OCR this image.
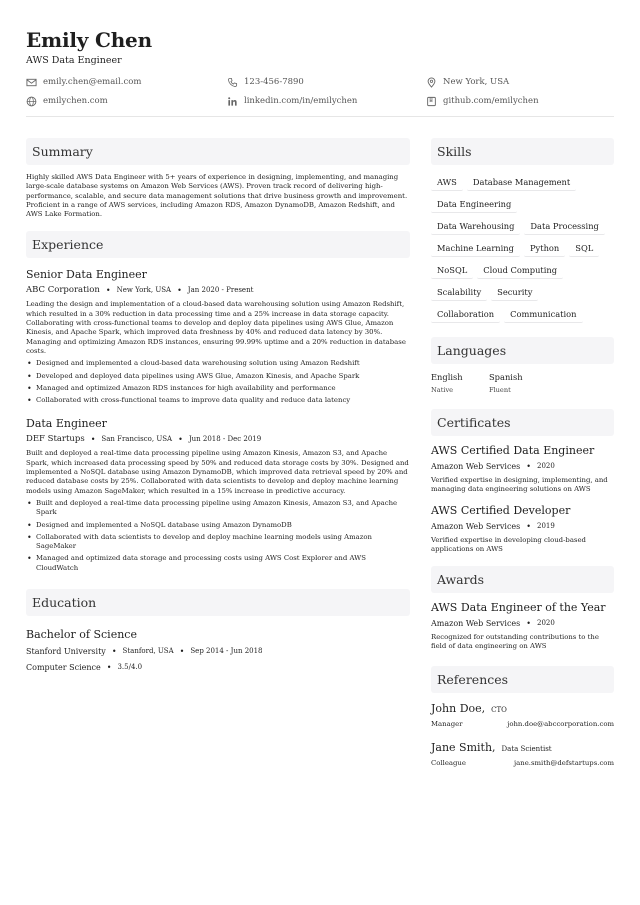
Emily Chen
AWS Data Engineer
emily.chen@email.com	123-456-7890	New York, USA
emilychen.com	linkedin.com/in/emilychen	github.com/emilychen
Summary
Highly skilled AWS Data Engineer with 5+ years of experience in designing, implementing, and managing large-scale database systems on Amazon Web Services (AWS). Proven track record of delivering high-performance, scalable, and secure data management solutions that drive business growth and improvement. Proficient in a range of AWS services, including Amazon RDS, Amazon DynamoDB, Amazon Redshift, and AWS Lake Formation.
Experience
Senior Data Engineer
ABC Corporation • New York, USA • Jan 2020 - Present
Leading the design and implementation of a cloud-based data warehousing solution using Amazon Redshift, which resulted in a 30% reduction in data processing time and a 25% increase in data storage capacity. Collaborating with cross-functional teams to develop and deploy data pipelines using AWS Glue, Amazon Kinesis, and Apache Spark, which improved data freshness by 40% and reduced data latency by 30%. Managing and optimizing Amazon RDS instances, ensuring 99.99% uptime and a 20% reduction in database costs.
• Designed and implemented a cloud-based data warehousing solution using Amazon Redshift
• Developed and deployed data pipelines using AWS Glue, Amazon Kinesis, and Apache Spark
• Managed and optimized Amazon RDS instances for high availability and performance
• Collaborated with cross-functional teams to improve data quality and reduce data latency
Data Engineer
DEF Startups • San Francisco, USA • Jun 2018 - Dec 2019
Built and deployed a real-time data processing pipeline using Amazon Kinesis, Amazon S3, and Apache Spark, which increased data processing speed by 50% and reduced data storage costs by 30%. Designed and implemented a NoSQL database using Amazon DynamoDB, which improved data retrieval speed by 20% and reduced database costs by 25%. Collaborated with data scientists to develop and deploy machine learning models using Amazon SageMaker, which resulted in a 15% increase in predictive accuracy.
• Built and deployed a real-time data processing pipeline using Amazon Kinesis, Amazon S3, and Apache Spark
• Designed and implemented a NoSQL database using Amazon DynamoDB
• Collaborated with data scientists to develop and deploy machine learning models using Amazon SageMaker
• Managed and optimized data storage and processing costs using AWS Cost Explorer and AWS CloudWatch
Education
Bachelor of Science
Stanford University • Stanford, USA • Sep 2014 - Jun 2018
Computer Science • 3.5/4.0
Skills
AWS	Database Management
Data Engineering
Data Warehousing	Data Processing
Machine Learning	Python	SQL
NoSQL	Cloud Computing
Scalability	Security
Collaboration	Communication
Languages
English
Native
Spanish
Fluent
Certificates
AWS Certified Data Engineer
Amazon Web Services • 2020
Verified expertise in designing, implementing, and managing data engineering solutions on AWS
AWS Certified Developer
Amazon Web Services • 2019
Verified expertise in developing cloud-based applications on AWS
Awards
AWS Data Engineer of the Year
Amazon Web Services • 2020
Recognized for outstanding contributions to the field of data engineering on AWS
References
John Doe, CTO
Manager	john.doe@abccorporation.com
Jane Smith, Data Scientist
Colleague	jane.smith@defstartups.com
